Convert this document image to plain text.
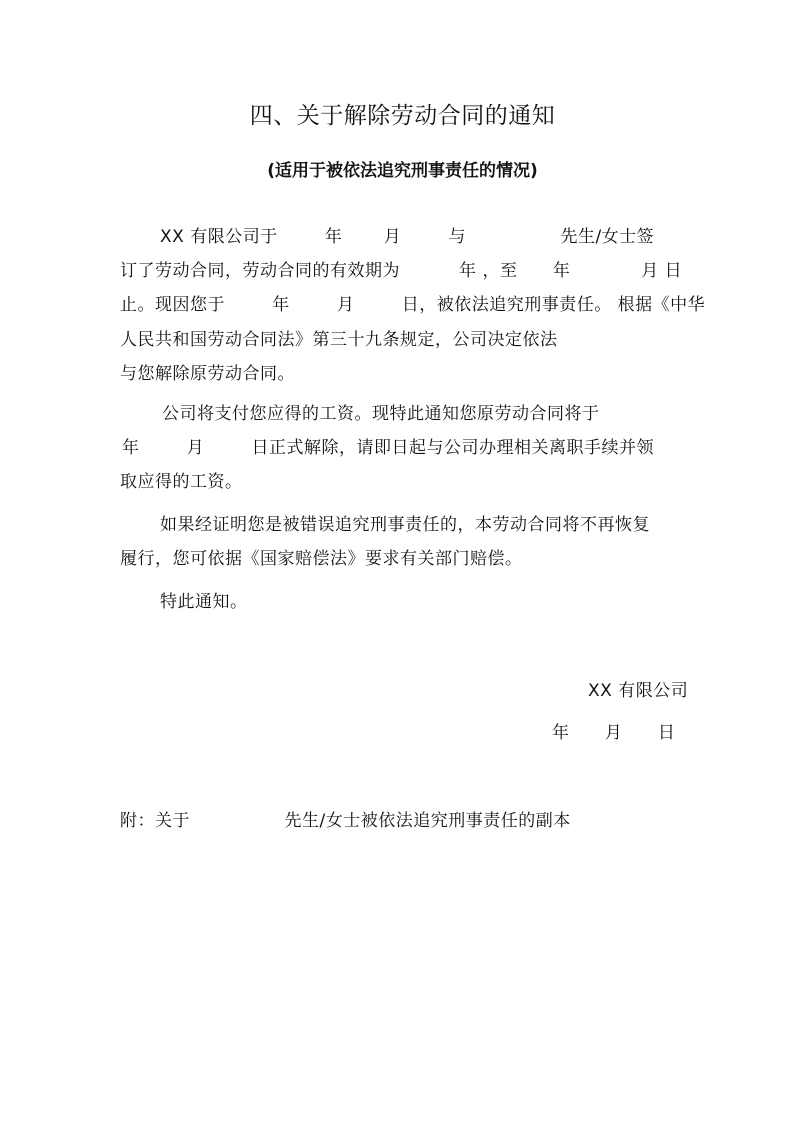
四、关于解除劳动合同的通知
(适用于被依法追究刑事责任的情况)
XX 有限公司于        年       月        与                先生/女士签
订了劳动合同，劳动合同的有效期为          年 ，至      年            月 日
止。现因您于        年        月        日，被依法追究刑事责任。 根据《中华
人民共和国劳动合同法》第三十九条规定，公司决定依法
与您解除原劳动合同。
公司将支付您应得的工资。现特此通知您原劳动合同将于
年        月        日正式解除，请即日起与公司办理相关离职手续并领
取应得的工资。
如果经证明您是被错误追究刑事责任的，本劳动合同将不再恢复
履行，您可依据《国家赔偿法》要求有关部门赔偿。
特此通知。
XX 有限公司
年      月      日
附：关于                先生/女士被依法追究刑事责任的副本
